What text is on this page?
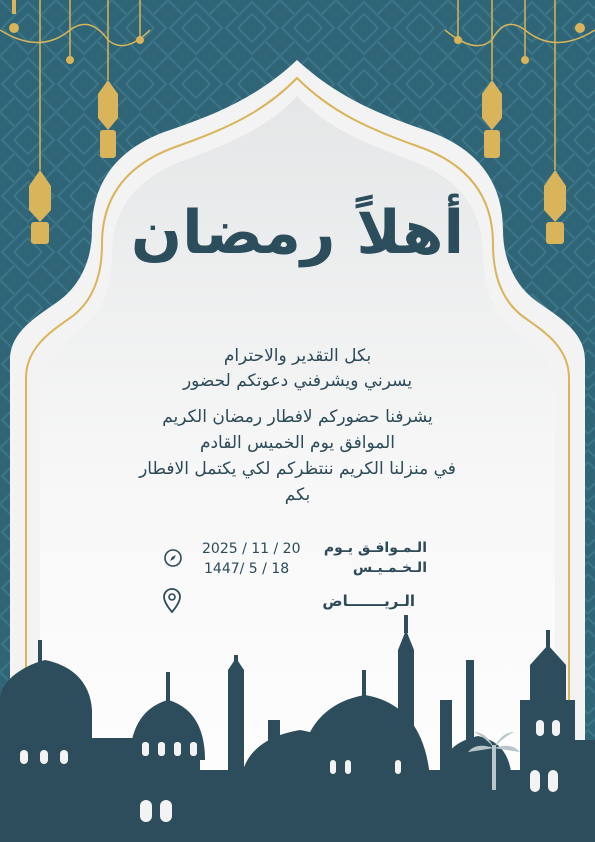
أهلاً رمضان
بكل التقدير والاحترام
يسرني ويشرفني دعوتكم لحضور
يشرفنا حضوركم لافطار رمضان الكريم
الموافق يوم الخميس القادم
في منزلنا الكريم ننتظركم لكي يكتمل الافطار
بكم
2025 / 11 / 20
1447/ 5 / 18
الـمـوافـق يـوم
الـخـمـيـس
الـريـــــــاض
